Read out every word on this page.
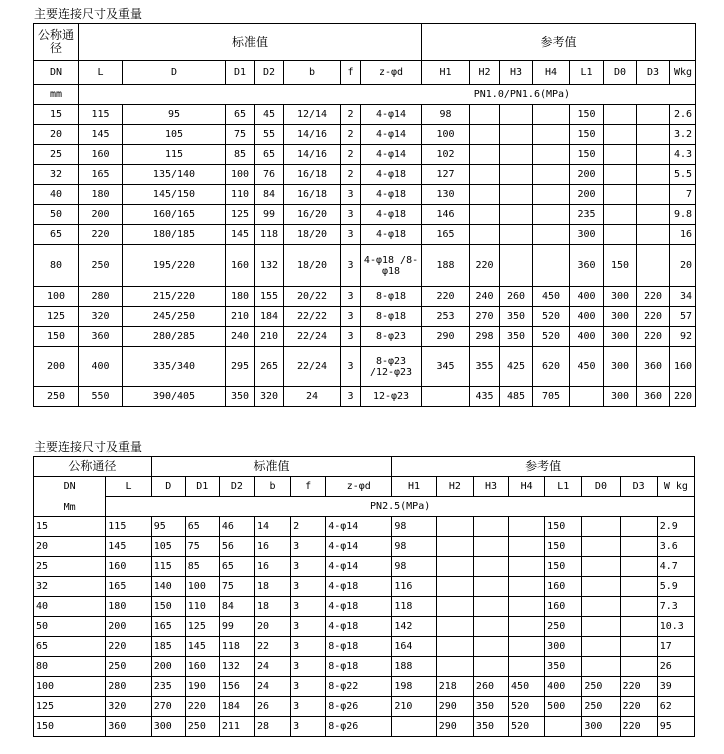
主要连接尺寸及重量
公称通径	标准值							参考值							
DN	L	D	D1	D2	b	f	z-φd	H1	H2	H3	H4	L1	D0	D3	Wkg
mm	PN1.0/PN1.6(MPa)														
15	115	95	65	45	12/14	2	4-φ14	98				150			2.6
20	145	105	75	55	14/16	2	4-φ14	100				150			3.2
25	160	115	85	65	14/16	2	4-φ14	102				150			4.3
32	165	135/140	100	76	16/18	2	4-φ18	127				200			5.5
40	180	145/150	110	84	16/18	3	4-φ18	130				200			7
50	200	160/165	125	99	16/20	3	4-φ18	146				235			9.8
65	220	180/185	145	118	18/20	3	4-φ18	165				300			16
80	250	195/220	160	132	18/20	3	4-φ18 /8-φ18	188	220			360	150		20
100	280	215/220	180	155	20/22	3	8-φ18	220	240	260	450	400	300	220	34
125	320	245/250	210	184	22/22	3	8-φ18	253	270	350	520	400	300	220	57
150	360	280/285	240	210	22/24	3	8-φ23	290	298	350	520	400	300	220	92
200	400	335/340	295	265	22/24	3	8-φ23 /12-φ23	345	355	425	620	450	300	360	160
250	550	390/405	350	320	24	3	12-φ23		435	485	705		300	360	220
主要连接尺寸及重量
公称通径		标准值						参考值							

DN
Mm	L	D	D1	D2	b	f	z-φd	H1	H2	H3	H4	L1	D0	D3	W kg
	PN2.5(MPa)														
15	115	95	65	46	14	2	4-φ14	98				150			2.9
20	145	105	75	56	16	3	4-φ14	98				150			3.6
25	160	115	85	65	16	3	4-φ14	98				150			4.7
32	165	140	100	75	18	3	4-φ18	116				160			5.9
40	180	150	110	84	18	3	4-φ18	118				160			7.3
50	200	165	125	99	20	3	4-φ18	142				250			10.3
65	220	185	145	118	22	3	8-φ18	164				300			17
80	250	200	160	132	24	3	8-φ18	188				350			26
100	280	235	190	156	24	3	8-φ22	198	218	260	450	400	250	220	39
125	320	270	220	184	26	3	8-φ26	210	290	350	520	500	250	220	62
150	360	300	250	211	28	3	8-φ26		290	350	520		300	220	95
